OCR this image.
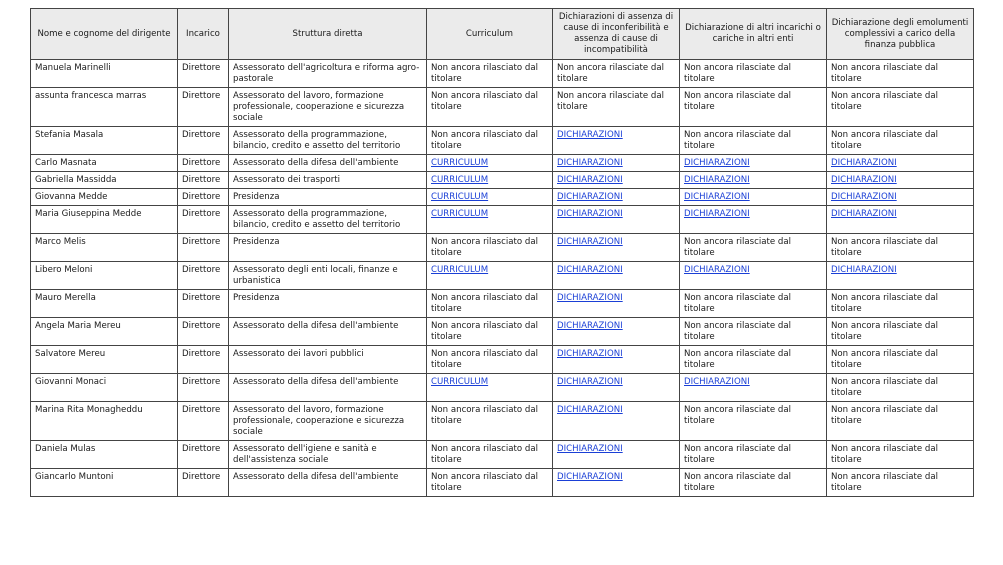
Nome e cognome del dirigente	Incarico	Struttura diretta	Curriculum	Dichiarazioni di assenza di cause di inconferibilità e assenza di cause di incompatibilità	Dichiarazione di altri incarichi o cariche in altri enti	Dichiarazione degli emolumenti complessivi a carico della finanza pubblica
Manuela Marinelli	Direttore	Assessorato dell'agricoltura e riforma agro-pastorale	Non ancora rilasciato dal titolare	Non ancora rilasciate dal titolare	Non ancora rilasciate dal titolare	Non ancora rilasciate dal titolare
assunta francesca marras	Direttore	Assessorato del lavoro, formazione professionale, cooperazione e sicurezza sociale	Non ancora rilasciato dal titolare	Non ancora rilasciate dal titolare	Non ancora rilasciate dal titolare	Non ancora rilasciate dal titolare
Stefania Masala	Direttore	Assessorato della programmazione, bilancio, credito e assetto del territorio	Non ancora rilasciato dal titolare	DICHIARAZIONI	Non ancora rilasciate dal titolare	Non ancora rilasciate dal titolare
Carlo Masnata	Direttore	Assessorato della difesa dell'ambiente	CURRICULUM	DICHIARAZIONI	DICHIARAZIONI	DICHIARAZIONI
Gabriella Massidda	Direttore	Assessorato dei trasporti	CURRICULUM	DICHIARAZIONI	DICHIARAZIONI	DICHIARAZIONI
Giovanna Medde	Direttore	Presidenza	CURRICULUM	DICHIARAZIONI	DICHIARAZIONI	DICHIARAZIONI
Maria Giuseppina Medde	Direttore	Assessorato della programmazione, bilancio, credito e assetto del territorio	CURRICULUM	DICHIARAZIONI	DICHIARAZIONI	DICHIARAZIONI
Marco Melis	Direttore	Presidenza	Non ancora rilasciato dal titolare	DICHIARAZIONI	Non ancora rilasciate dal titolare	Non ancora rilasciate dal titolare
Libero Meloni	Direttore	Assessorato degli enti locali, finanze e urbanistica	CURRICULUM	DICHIARAZIONI	DICHIARAZIONI	DICHIARAZIONI
Mauro Merella	Direttore	Presidenza	Non ancora rilasciato dal titolare	DICHIARAZIONI	Non ancora rilasciate dal titolare	Non ancora rilasciate dal titolare
Angela Maria Mereu	Direttore	Assessorato della difesa dell'ambiente	Non ancora rilasciato dal titolare	DICHIARAZIONI	Non ancora rilasciate dal titolare	Non ancora rilasciate dal titolare
Salvatore Mereu	Direttore	Assessorato dei lavori pubblici	Non ancora rilasciato dal titolare	DICHIARAZIONI	Non ancora rilasciate dal titolare	Non ancora rilasciate dal titolare
Giovanni Monaci	Direttore	Assessorato della difesa dell'ambiente	CURRICULUM	DICHIARAZIONI	DICHIARAZIONI	Non ancora rilasciate dal titolare
Marina Rita Monagheddu	Direttore	Assessorato del lavoro, formazione professionale, cooperazione e sicurezza sociale	Non ancora rilasciato dal titolare	DICHIARAZIONI	Non ancora rilasciate dal titolare	Non ancora rilasciate dal titolare
Daniela Mulas	Direttore	Assessorato dell'igiene e sanità e dell'assistenza sociale	Non ancora rilasciato dal titolare	DICHIARAZIONI	Non ancora rilasciate dal titolare	Non ancora rilasciate dal titolare
Giancarlo Muntoni	Direttore	Assessorato della difesa dell'ambiente	Non ancora rilasciato dal titolare	DICHIARAZIONI	Non ancora rilasciate dal titolare	Non ancora rilasciate dal titolare
